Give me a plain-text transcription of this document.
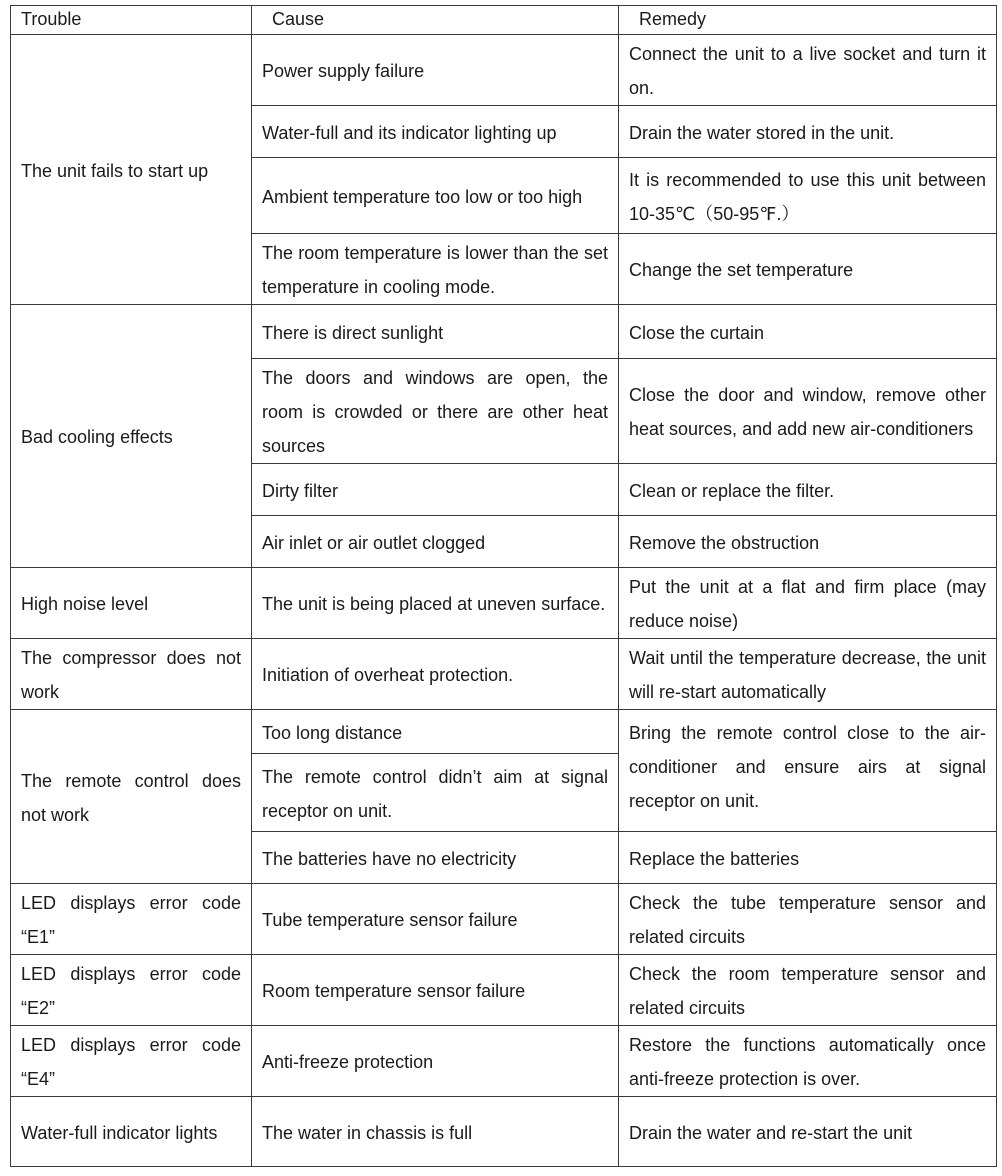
Trouble	Cause	Remedy
The unit fails to start up	Power supply failure	Connect the unit to a live socket and turn it on.
	Water-full and its indicator lighting up	Drain the water stored in the unit.
	Ambient temperature too low or too high	It is recommended to use this unit between 10-35℃（50-95℉.）
	The room temperature is lower than the set temperature in cooling mode.	Change the set temperature
Bad cooling effects	There is direct sunlight	Close the curtain
	The doors and windows are open, the room is crowded or there are other heat sources	Close the door and window, remove other heat sources, and add new air-conditioners
	Dirty filter	Clean or replace the filter.
	Air inlet or air outlet clogged	Remove the obstruction
High noise level	The unit is being placed at uneven surface.	Put the unit at a flat and firm place (may reduce noise)
The compressor does not work	Initiation of overheat protection.	Wait until the temperature decrease, the unit will re-start automatically
The remote control does not work	Too long distance	Bring the remote control close to the air-conditioner and ensure airs at signal receptor on unit.
	The remote control didn’t aim at signal receptor on unit.	
	The batteries have no electricity	Replace the batteries
LED displays error code “E1”	Tube temperature sensor failure	Check the tube temperature sensor and related circuits
LED displays error code “E2”	Room temperature sensor failure	Check the room temperature sensor and related circuits
LED displays error code “E4”	Anti-freeze protection	Restore the functions automatically once anti-freeze protection is over.
Water-full indicator lights	The water in chassis is full	Drain the water and re-start the unit
